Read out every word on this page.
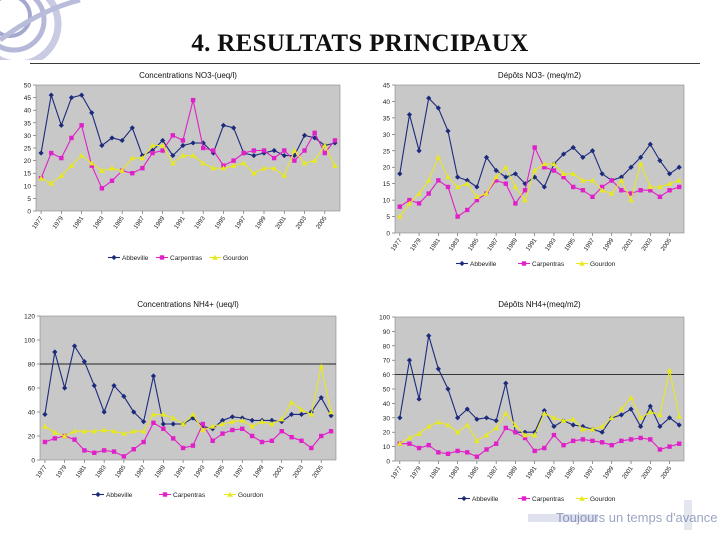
4. RESULTATS PRINCIPAUX
Concentrations NO3-(ueq/l)
0
5
10
15
20
25
30
35
40
45
50
1977 1979 1981 1983 1985 1987 1989 1991 1993 1995 1997 1999 2001 2003 2005
Abbeville	Carpentras	Gourdon
Dépôts NO3- (meq/m2)
0
5
10
15
20
25
30
35
40
45
1977 1979 1981 1983 1985 1987 1989 1991 1993 1995 1997 1999 2001 2003 2005
Abbeville	Carpentras	Gourdon
Concentrations NH4+ (ueq/l)
0
20
40
60
80
100
120
1977 1979 1981 1983 1985 1987 1989 1991 1993 1995 1997 1999 2001 2003 2005
Abbeville	Carpentras	Gourdon
Dépôts NH4+(meq/m2)
0
10
20
30
40
50
60
70
80
90
100
1977 1979 1981 1983 1985 1987 1989 1991 1993 1995 1997 1999 2001 2003 2005
Abbeville	Carpentras	Gourdon
Toujours un temps d'avance
